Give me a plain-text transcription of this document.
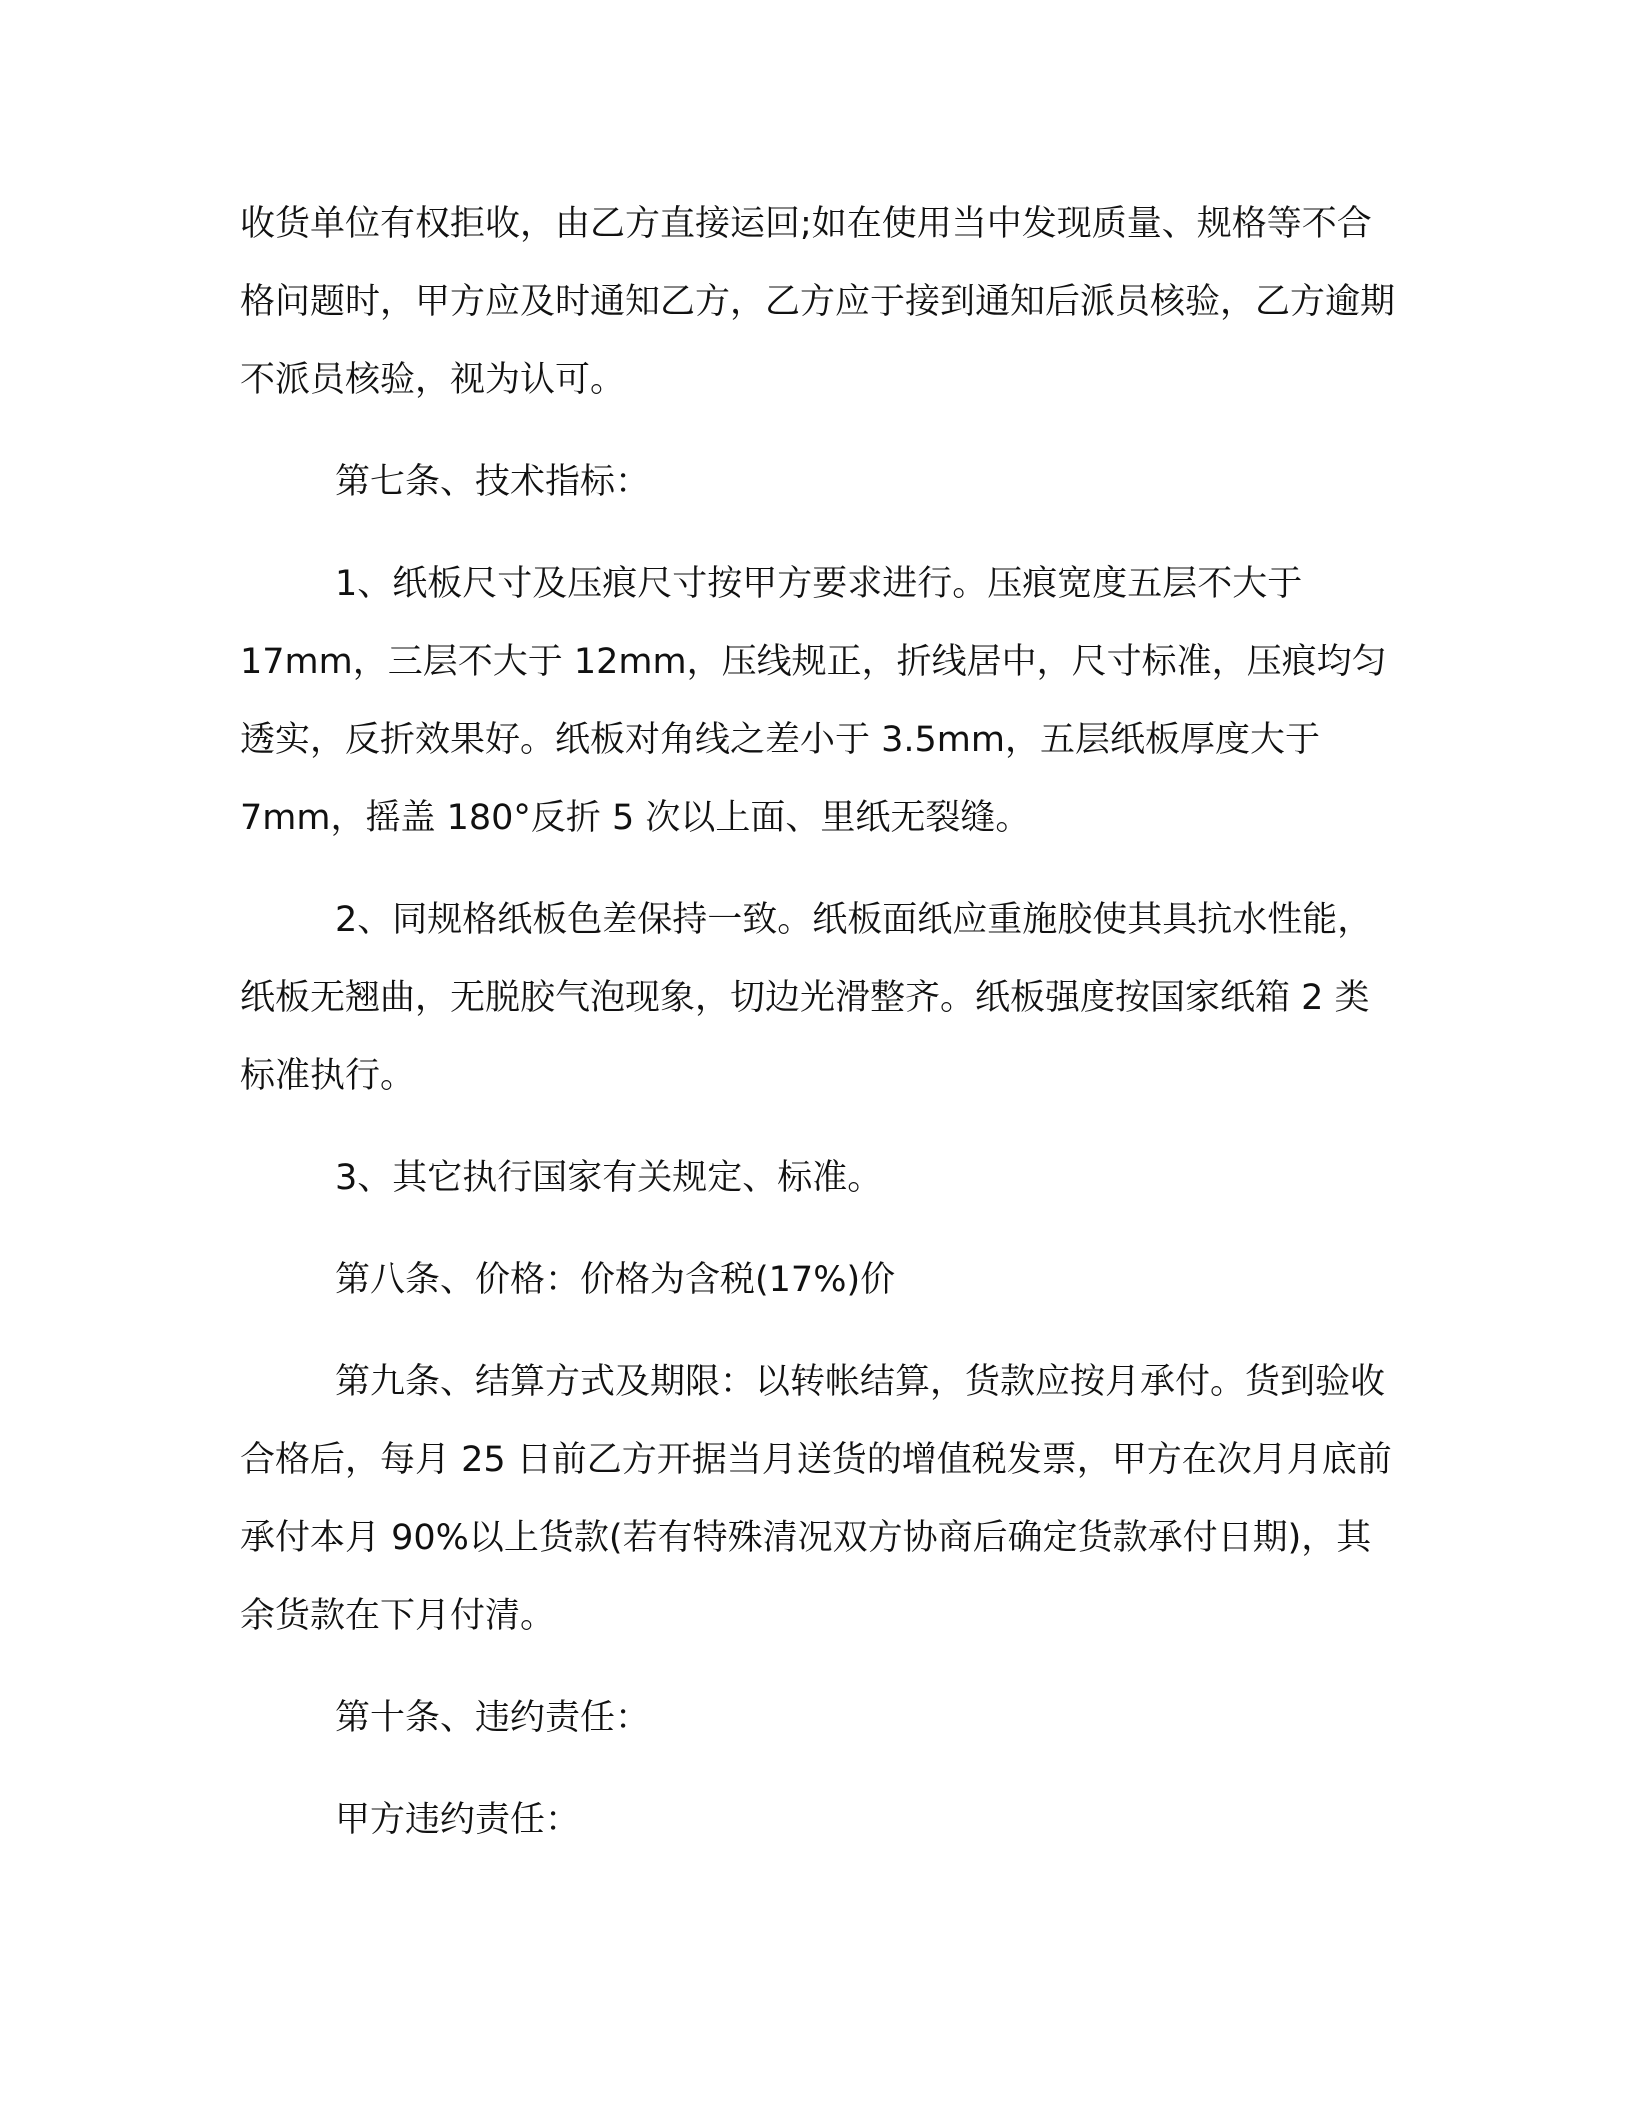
收货单位有权拒收，由乙方直接运回;如在使用当中发现质量、规格等不合格问题时，甲方应及时通知乙方，乙方应于接到通知后派员核验，乙方逾期不派员核验，视为认可。

第七条、技术指标：

1、纸板尺寸及压痕尺寸按甲方要求进行。压痕宽度五层不大于17mm，三层不大于 12mm，压线规正，折线居中，尺寸标准，压痕均匀透实，反折效果好。纸板对角线之差小于 3.5mm，五层纸板厚度大于 7mm，摇盖 180°反折 5 次以上面、里纸无裂缝。

2、同规格纸板色差保持一致。纸板面纸应重施胶使其具抗水性能，纸板无翘曲，无脱胶气泡现象，切边光滑整齐。纸板强度按国家纸箱 2 类标准执行。

3、其它执行国家有关规定、标准。

第八条、价格：价格为含税(17%)价

第九条、结算方式及期限：以转帐结算，货款应按月承付。货到验收合格后，每月 25 日前乙方开据当月送货的增值税发票，甲方在次月月底前承付本月 90%以上货款(若有特殊清况双方协商后确定货款承付日期)，其余货款在下月付清。

第十条、违约责任：

甲方违约责任：
